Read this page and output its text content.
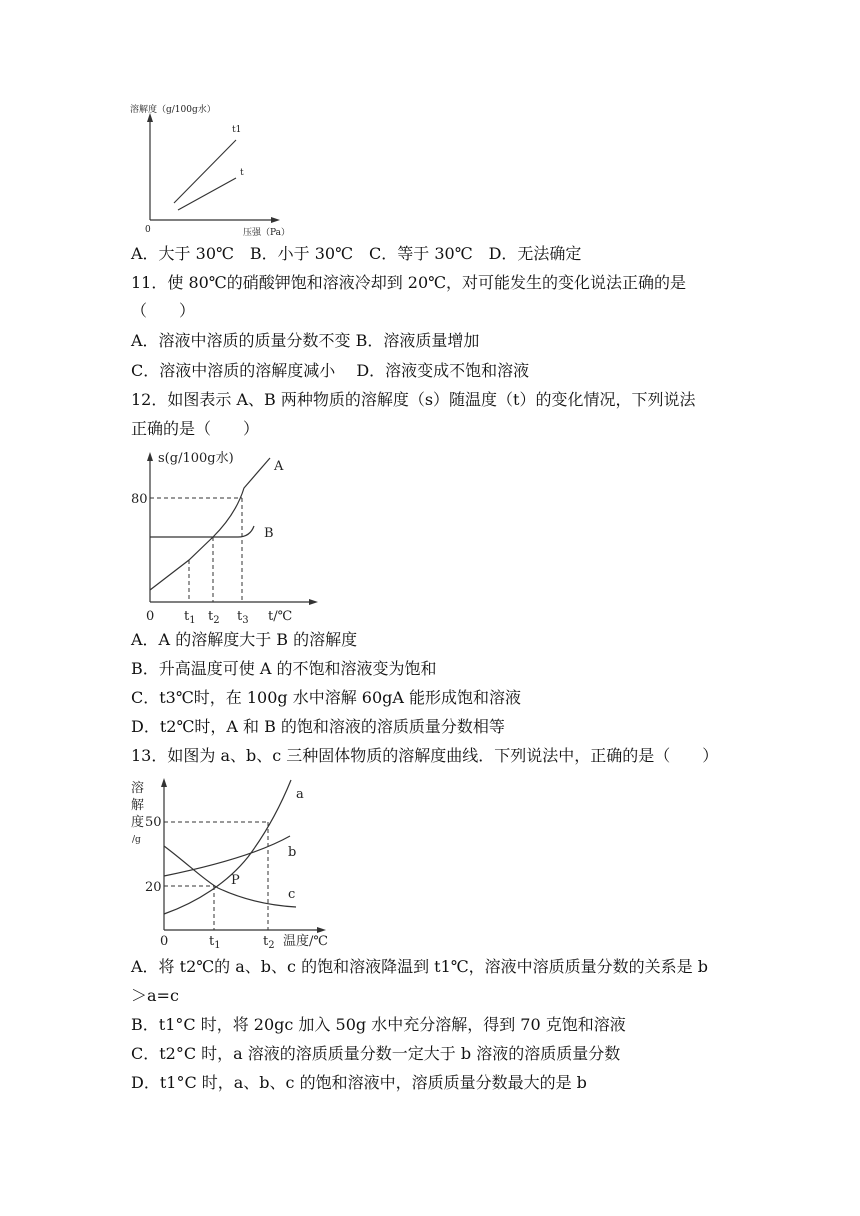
溶解度（g/100g水）
压强（Pa）
0
t1
t
A．大于 30℃　B．小于 30℃　C．等于 30℃　D．无法确定
11．使 80℃的硝酸钾饱和溶液冷却到 20℃，对可能发生的变化说法正确的是
（　　）
A．溶液中溶质的质量分数不变 B．溶液质量增加
C．溶液中溶质的溶解度减小　 D．溶液变成不饱和溶液
12．如图表示 A、B 两种物质的溶解度（s）随温度（t）的变化情况，下列说法
正确的是（　　）
s(g/100g水)
80
0
A
B
$t_1$ $t_2$ $t_3$ t/℃
A．A 的溶解度大于 B 的溶解度
B．升高温度可使 A 的不饱和溶液变为饱和
C．t3℃时，在 100g 水中溶解 60gA 能形成饱和溶液
D．t2℃时，A 和 B 的饱和溶液的溶质质量分数相等
13．如图为 a、b、c 三种固体物质的溶解度曲线．下列说法中，正确的是（　　）
溶
解
度
/g
50
20
0
a
b
c
P
$t_1$	$t_2$ 温度/℃
A．将 t2℃的 a、b、c 的饱和溶液降温到 t1℃，溶液中溶质质量分数的关系是 b
＞a=c
B．t1°C 时，将 20gc 加入 50g 水中充分溶解，得到 70 克饱和溶液
C．t2°C 时，a 溶液的溶质质量分数一定大于 b 溶液的溶质质量分数
D．t1°C 时，a、b、c 的饱和溶液中，溶质质量分数最大的是 b
